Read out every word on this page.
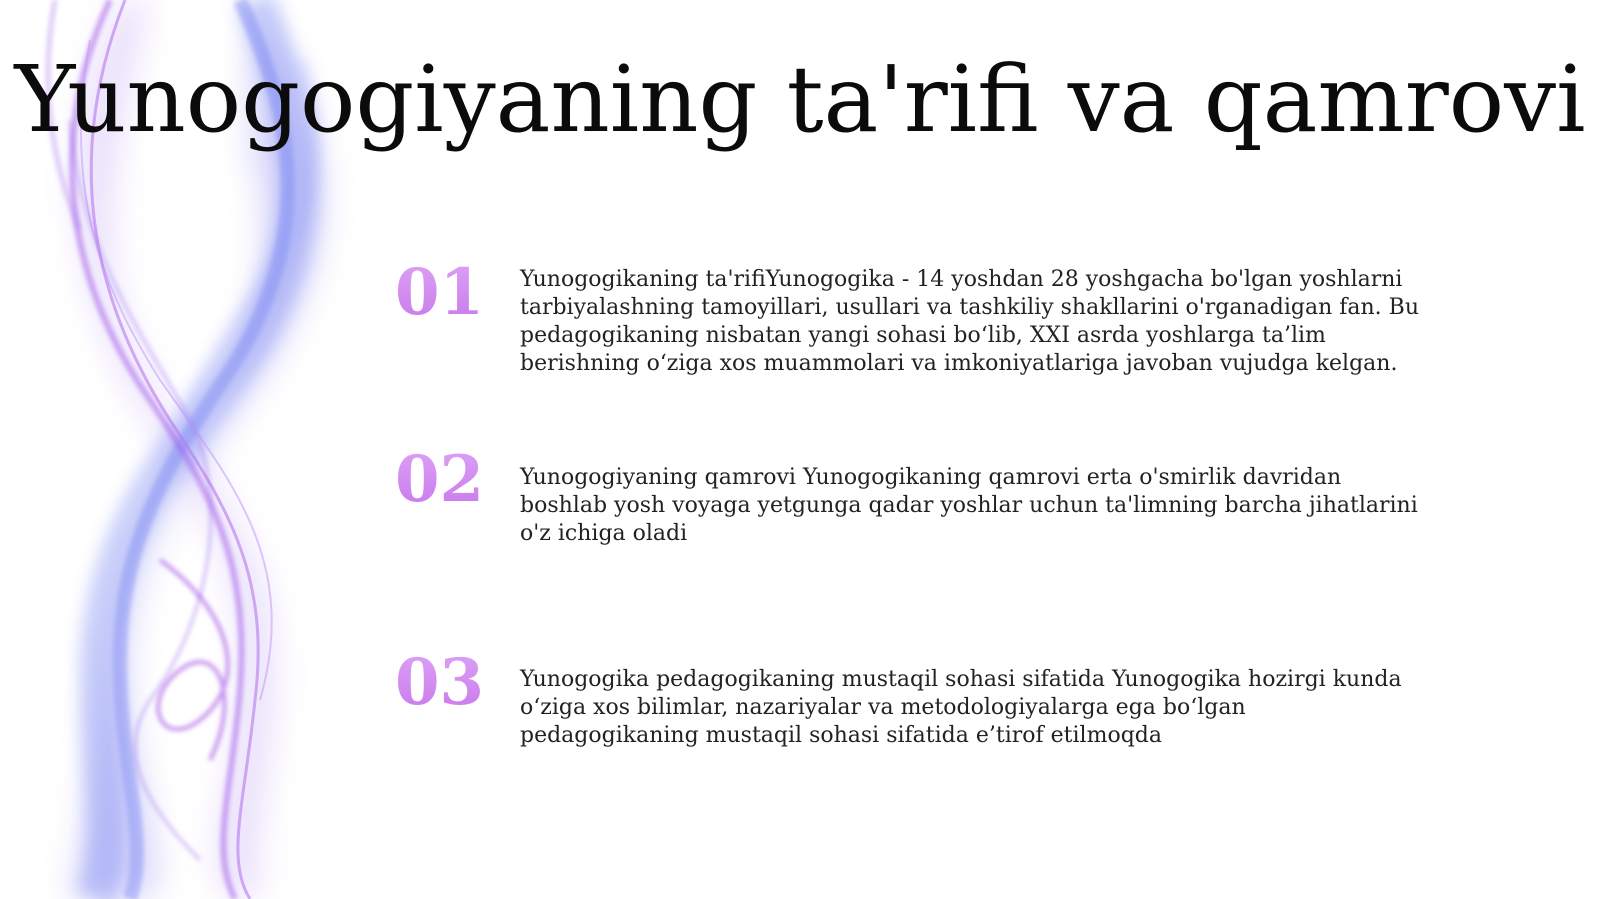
Yunogogiyaning ta'rifi va qamrovi
01 Yunogogikaning ta'rifiYunogogika - 14 yoshdan 28 yoshgacha bo'lgan yoshlarni tarbiyalashning tamoyillari, usullari va tashkiliy shakllarini o'rganadigan fan. Bu pedagogikaning nisbatan yangi sohasi bo‘lib, XXI asrda yoshlarga ta’lim berishning o‘ziga xos muammolari va imkoniyatlariga javoban vujudga kelgan.
02 Yunogogiyaning qamrovi Yunogogikaning qamrovi erta o'smirlik davridan boshlab yosh voyaga yetgunga qadar yoshlar uchun ta'limning barcha jihatlarini o'z ichiga oladi
03 Yunogogika pedagogikaning mustaqil sohasi sifatida Yunogogika hozirgi kunda o‘ziga xos bilimlar, nazariyalar va metodologiyalarga ega bo‘lgan pedagogikaning mustaqil sohasi sifatida e’tirof etilmoqda
